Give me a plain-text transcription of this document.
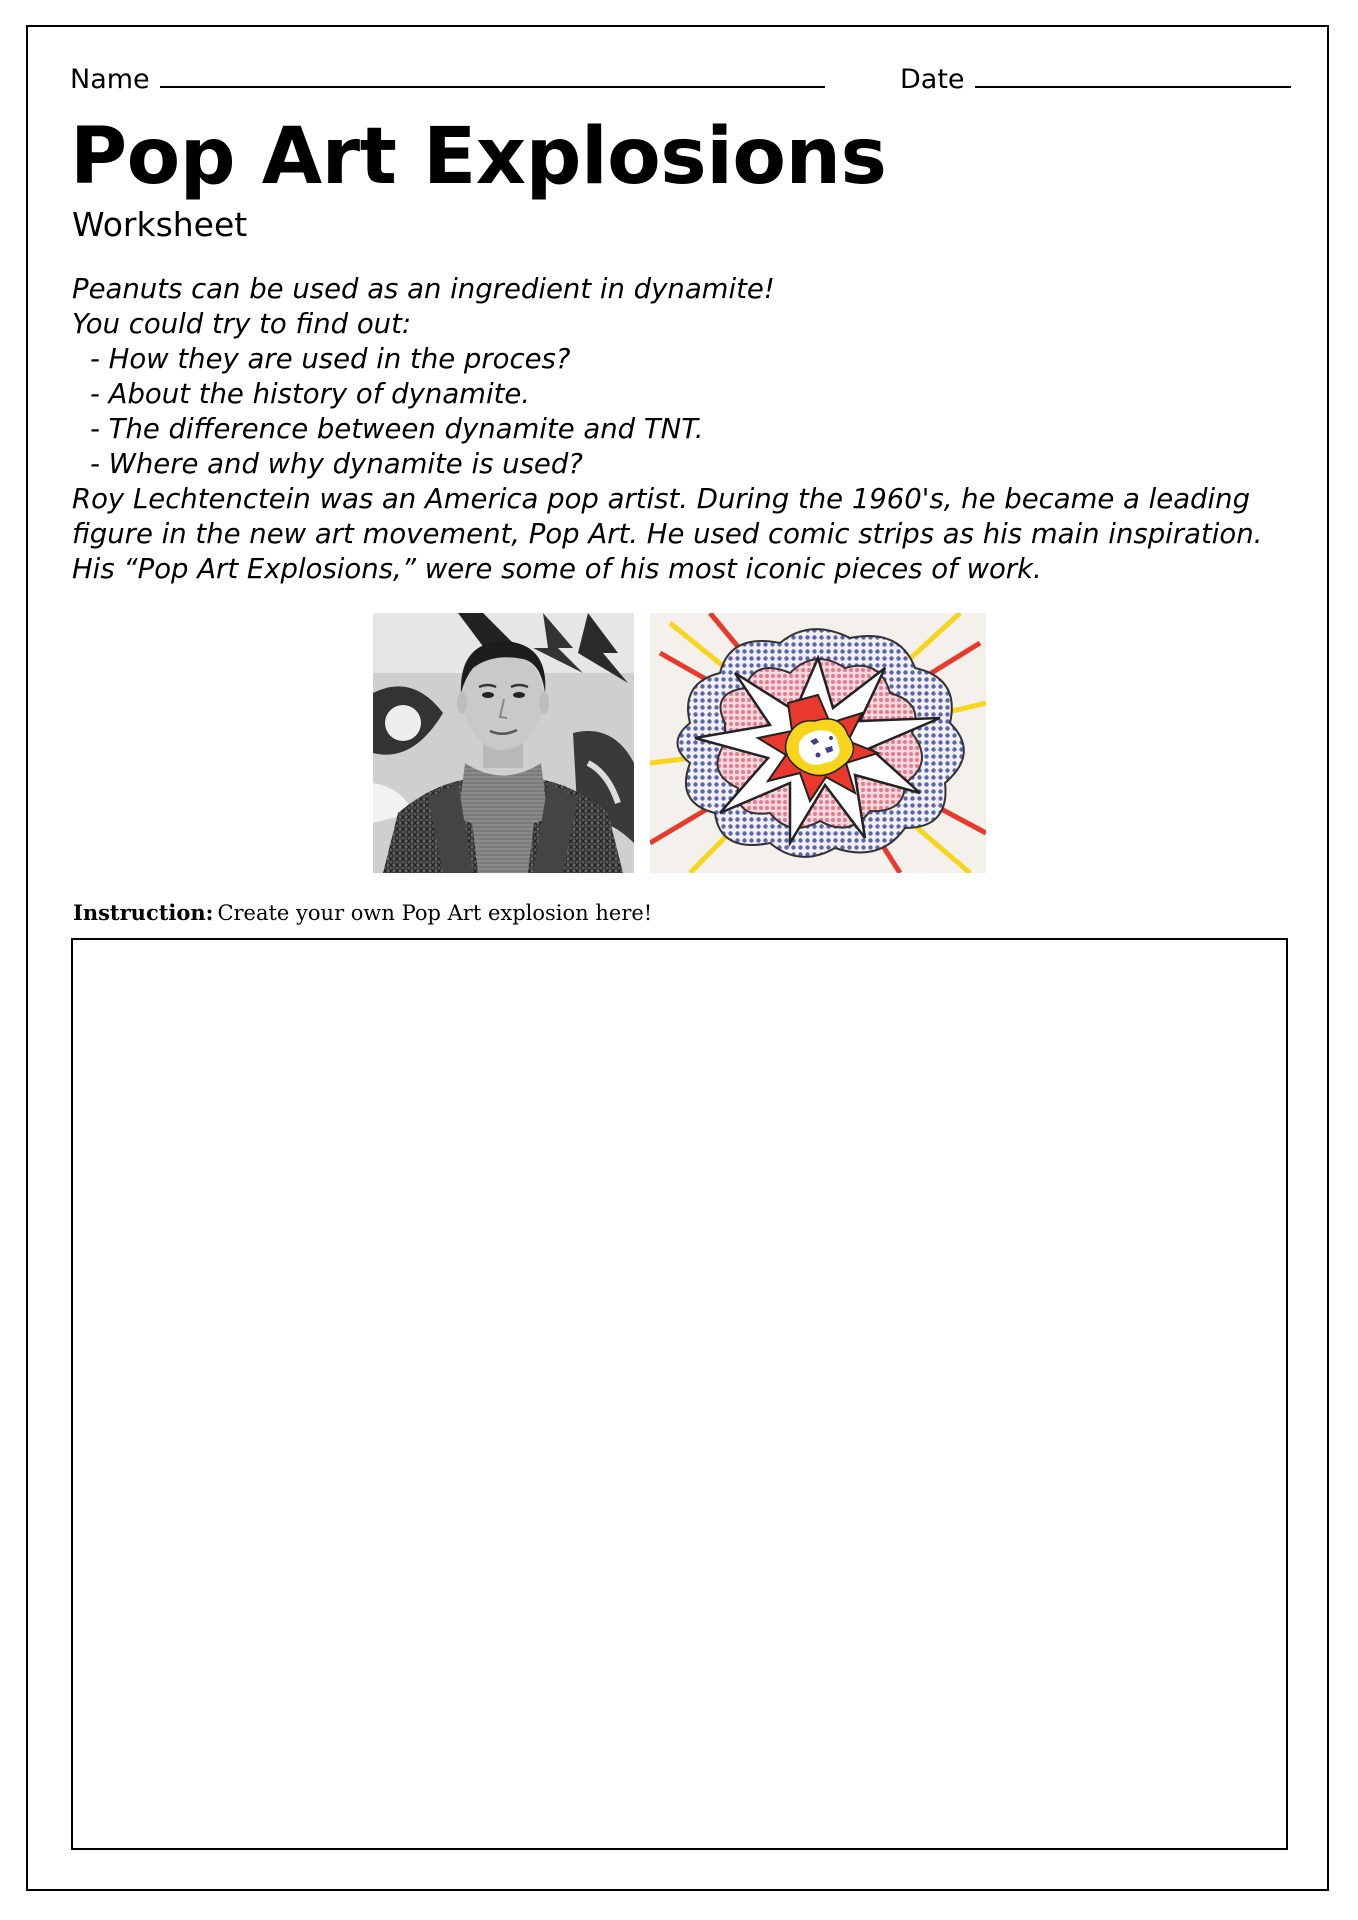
Name	Date
Pop Art Explosions
Worksheet

Peanuts can be used as an ingredient in dynamite!

You could try to find out:

- How they are used in the proces?

- About the history of dynamite.

- The difference between dynamite and TNT.

- Where and why dynamite is used?

Roy Lechtenctein was an America pop artist. During the 1960's, he became a leading

figure in the new art movement, Pop Art. He used comic strips as his main inspiration.

His “Pop Art Explosions,” were some of his most iconic pieces of work.

Instruction: Create your own Pop Art explosion here!
